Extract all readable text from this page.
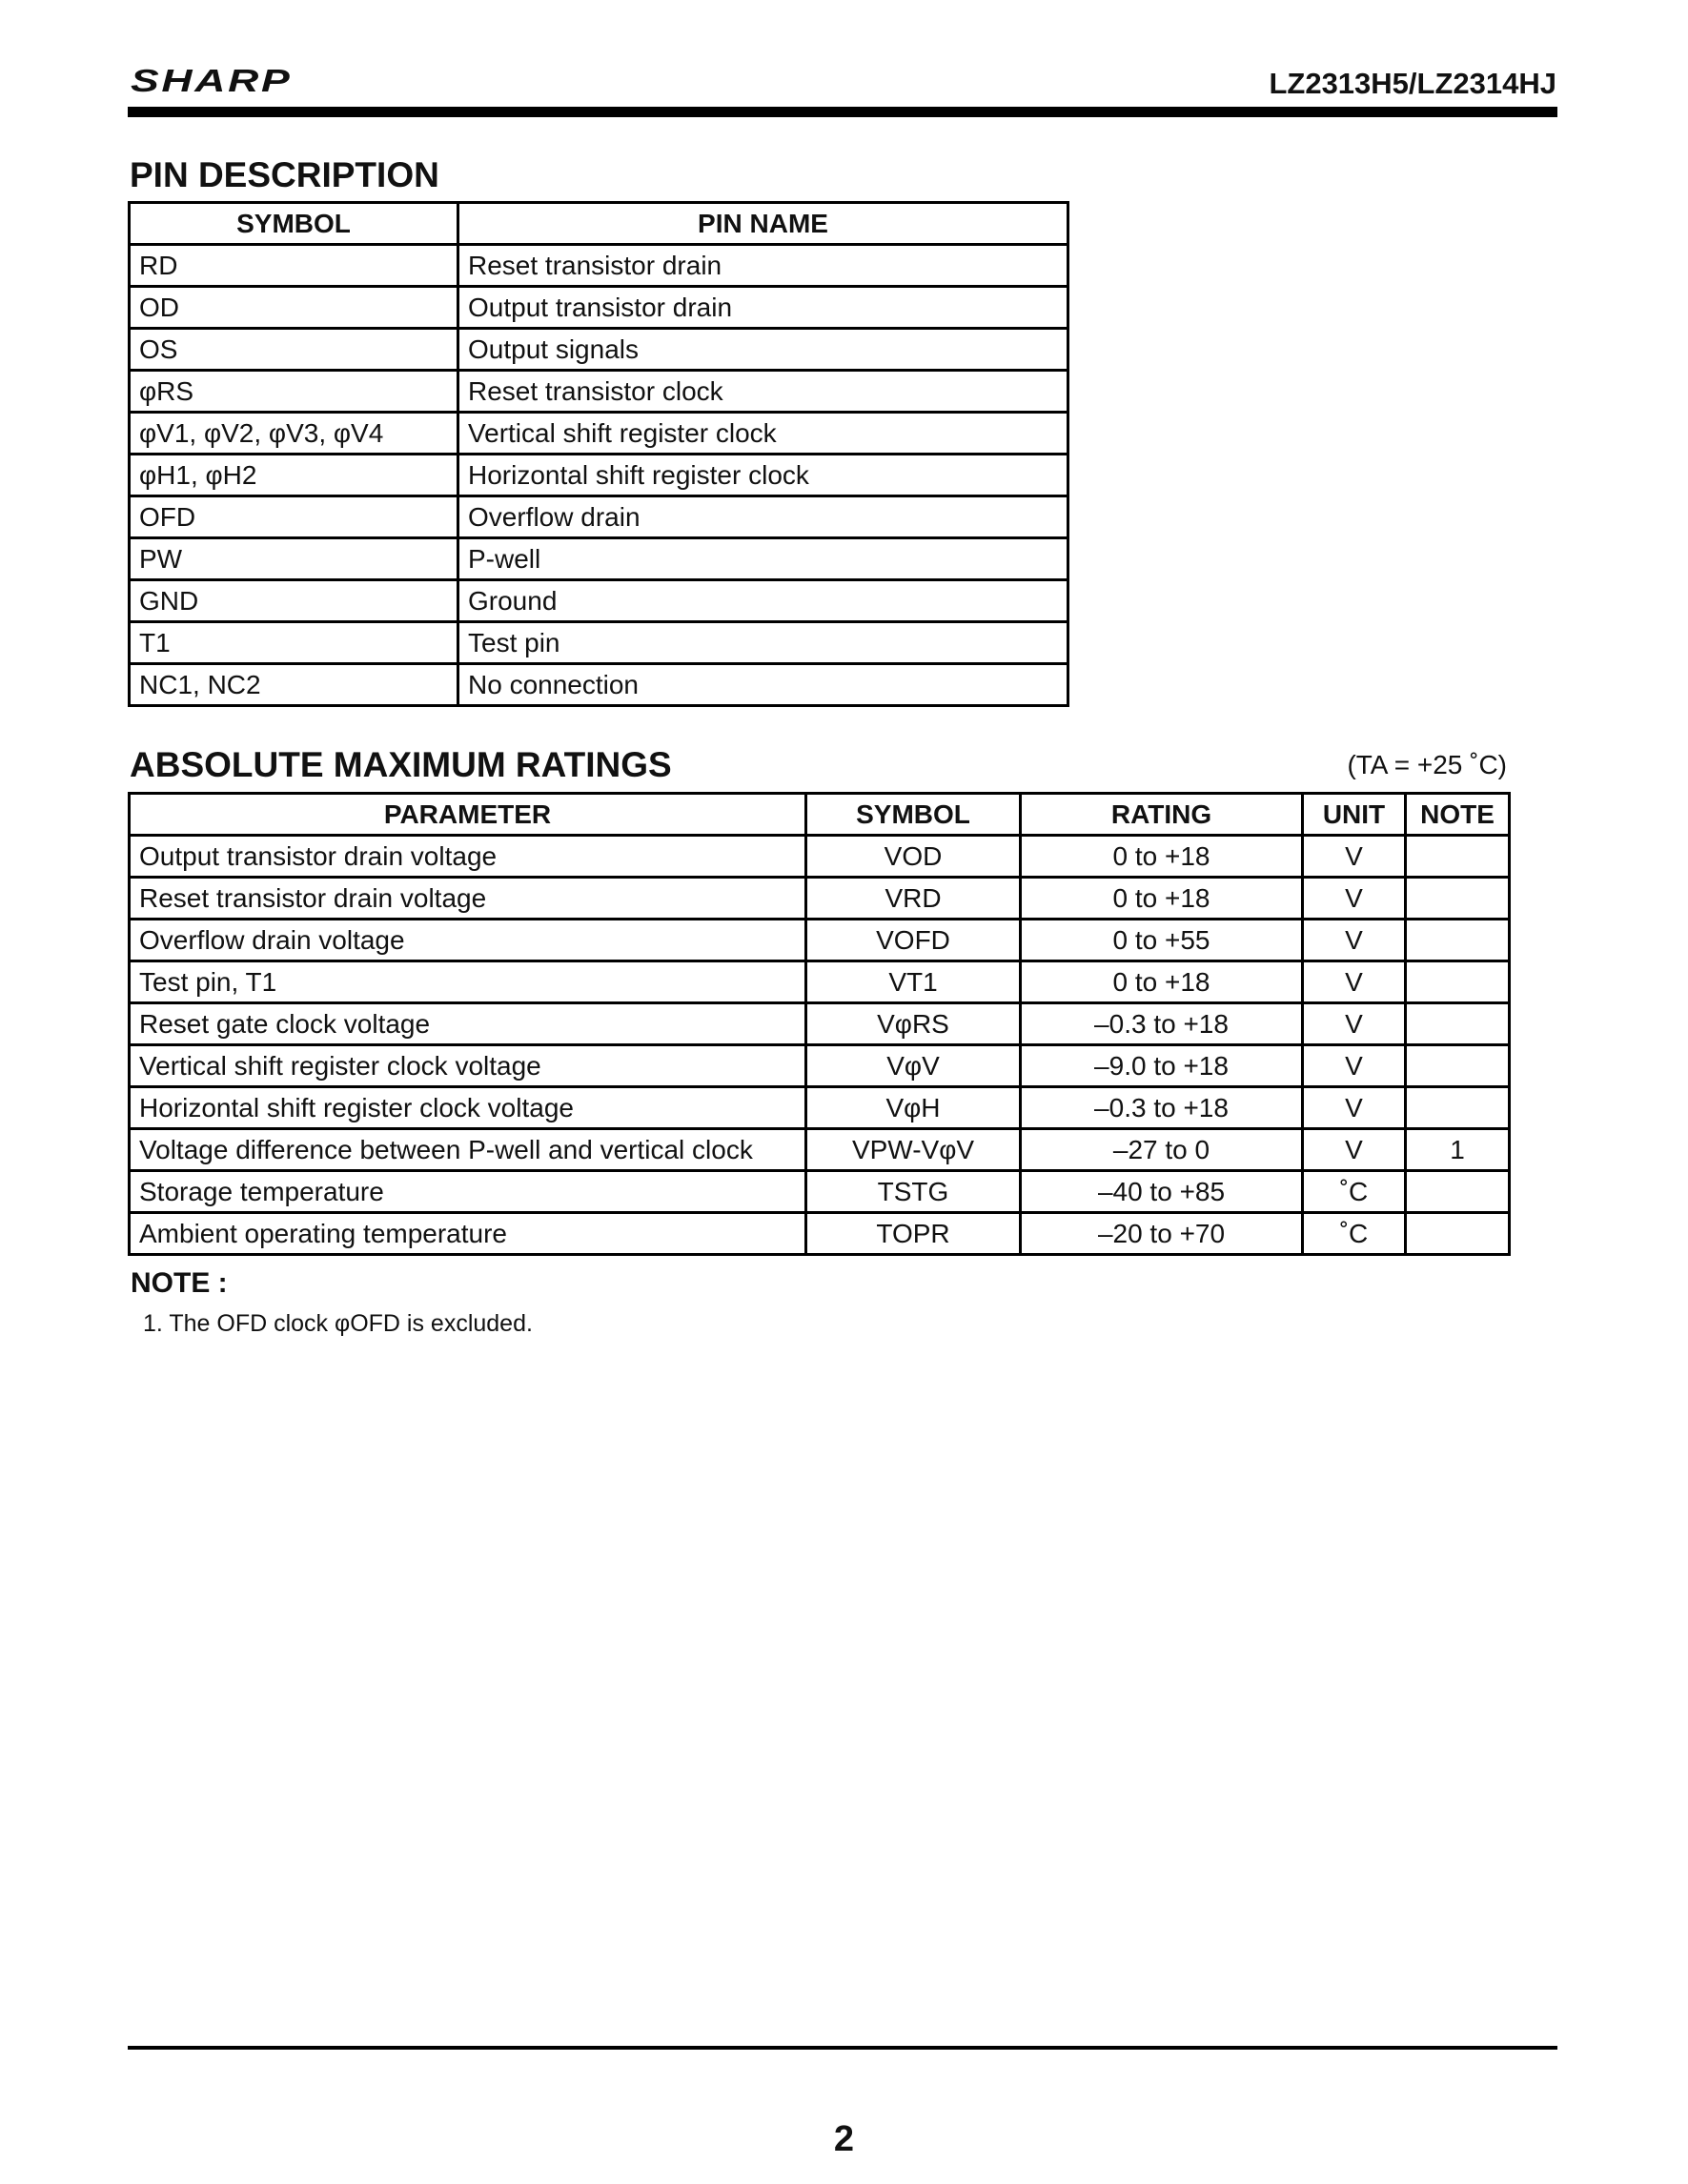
SHARP	LZ2313H5/LZ2314HJ
PIN DESCRIPTION
SYMBOL	PIN NAME
RD	Reset transistor drain
OD	Output transistor drain
OS	Output signals
φRS	Reset transistor clock
φV1, φV2, φV3, φV4	Vertical shift register clock
φH1, φH2	Horizontal shift register clock
OFD	Overflow drain
PW	P-well
GND	Ground
T1	Test pin
NC1, NC2	No connection
ABSOLUTE MAXIMUM RATINGS	(TA = +25 ˚C)
PARAMETER	SYMBOL	RATING	UNIT	NOTE
Output transistor drain voltage	VOD	0 to +18	V	
Reset transistor drain voltage	VRD	0 to +18	V	
Overflow drain voltage	VOFD	0 to +55	V	
Test pin, T1	VT1	0 to +18	V	
Reset gate clock voltage	VφRS	–0.3 to +18	V	
Vertical shift register clock voltage	VφV	–9.0 to +18	V	
Horizontal shift register clock voltage	VφH	–0.3 to +18	V	
Voltage difference between P-well and vertical clock	VPW-VφV	–27 to 0	V	1
Storage temperature	TSTG	–40 to +85	˚C	
Ambient operating temperature	TOPR	–20 to +70	˚C	
NOTE :
1. The OFD clock φOFD is excluded.
2
